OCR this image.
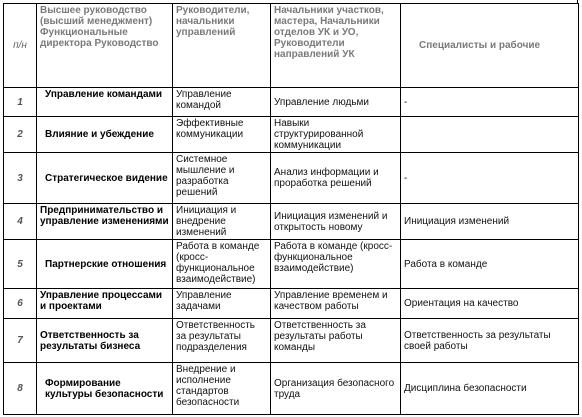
п/н	Высшее руководство (высший менеджмент) Функциональные директора Руководство	Руководители, начальники управлений	Начальники участков, мастера, Начальники отделов УК и УО, Руководители направлений УК	Специалисты и рабочие
1	Управление командами	Управление командой	Управление людьми	-
2	Влияние и убеждение	Эффективные коммуникации	Навыки структурированной коммуникации	
3	Стратегическое видение	Системное мышление и разработка решений	Анализ информации и проработка решений	-
4	Предпринимательство и управление изменениями	Инициация и внедрение изменений	Инициация изменений и открытость новому	Инициация изменений
5	Партнерские отношения	Работа в команде (кросс-функциональное взаимодействие)	Работа в команде (кросс-функциональное взаимодействие)	Работа в команде
6	Управление процессами и проектами	Управление задачами	Управление временем и качеством работы	Ориентация на качество
7	Ответственность за результаты бизнеса	Ответственность за результаты подразделения	Ответственность за результаты работы команды	Ответственность за результаты своей работы
8	Формирование культуры безопасности	Внедрение и исполнение стандартов безопасности	Организация безопасного труда	Дисциплина безопасности
